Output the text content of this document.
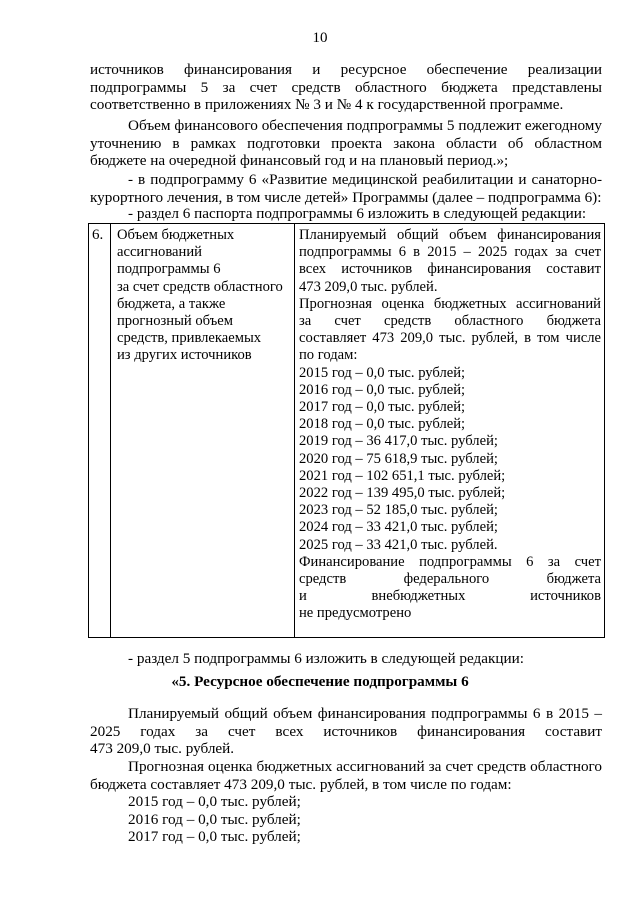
10
источников финансирования и ресурсное обеспечение реализации
подпрограммы 5 за счет средств областного бюджета представлены
соответственно в приложениях № 3 и № 4 к государственной программе.
Объем финансового обеспечения подпрограммы 5 подлежит ежегодному
уточнению в рамках подготовки проекта закона области об областном
бюджете на очередной финансовый год и на плановый период.»;
- в подпрограмму 6 «Развитие медицинской реабилитации и санаторно-
курортного лечения, в том числе детей» Программы (далее – подпрограмма 6):
- раздел 6 паспорта подпрограммы 6 изложить в следующей редакции:
6. Объем бюджетных
ассигнований
подпрограммы 6
за счет средств областного
бюджета, а также
прогнозный объем
средств, привлекаемых
из других источников
Планируемый общий объем финансирования
подпрограммы 6 в 2015 – 2025 годах за счет
всех источников финансирования составит
473 209,0 тыс. рублей.
Прогнозная оценка бюджетных ассигнований
за счет средств областного бюджета
составляет 473 209,0 тыс. рублей, в том числе
по годам:
2015 год – 0,0 тыс. рублей;
2016 год – 0,0 тыс. рублей;
2017 год – 0,0 тыс. рублей;
2018 год – 0,0 тыс. рублей;
2019 год – 36 417,0 тыс. рублей;
2020 год – 75 618,9 тыс. рублей;
2021 год – 102 651,1 тыс. рублей;
2022 год – 139 495,0 тыс. рублей;
2023 год – 52 185,0 тыс. рублей;
2024 год – 33 421,0 тыс. рублей;
2025 год – 33 421,0 тыс. рублей.
Финансирование подпрограммы 6 за счет
средств федерального бюджета
и внебюджетных источников
не предусмотрено
- раздел 5 подпрограммы 6 изложить в следующей редакции:
«5. Ресурсное обеспечение подпрограммы 6
Планируемый общий объем финансирования подпрограммы 6 в 2015 –
2025 годах за счет всех источников финансирования составит
473 209,0 тыс. рублей.
Прогнозная оценка бюджетных ассигнований за счет средств областного
бюджета составляет 473 209,0 тыс. рублей, в том числе по годам:
2015 год – 0,0 тыс. рублей;
2016 год – 0,0 тыс. рублей;
2017 год – 0,0 тыс. рублей;
